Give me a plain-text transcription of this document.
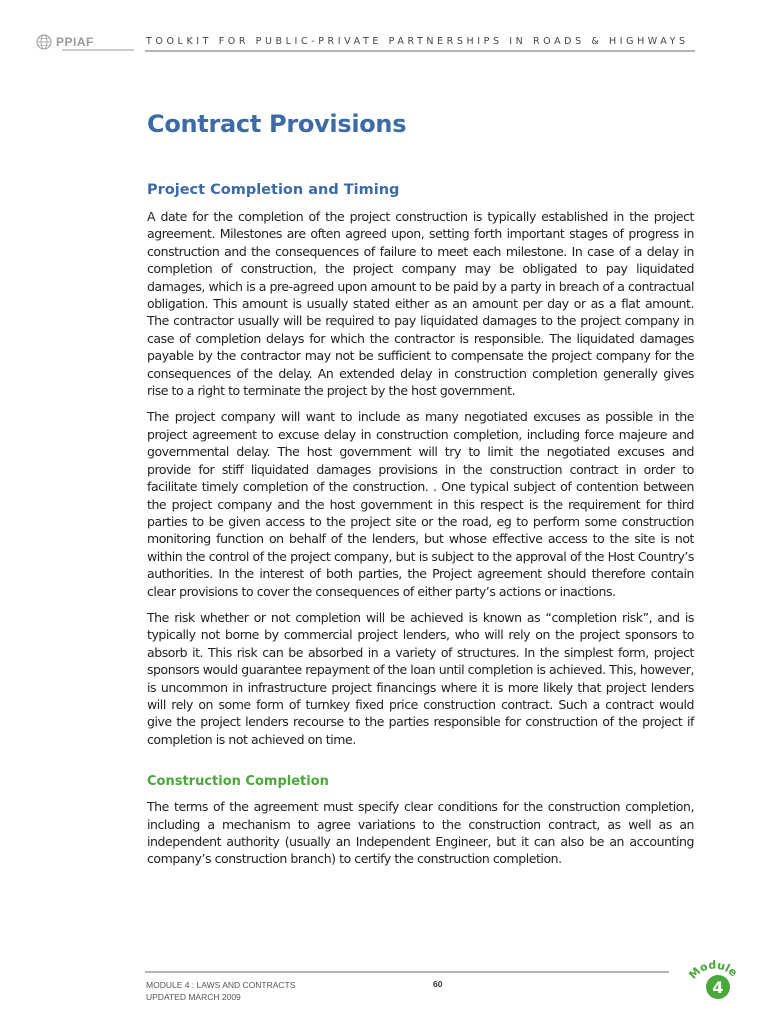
PPIAF	TOOLKIT FOR PUBLIC-PRIVATE PARTNERSHIPS IN ROADS & HIGHWAYS
Contract Provisions
Project Completion and Timing

A date for the completion of the project construction is typically established in the project agreement. Milestones are often agreed upon, setting forth important stages of progress in construction and the consequences of failure to meet each milestone. In case of a delay in completion of construction, the project company may be obligated to pay liquidated damages, which is a pre-agreed upon amount to be paid by a party in breach of a contractual obligation. This amount is usually stated either as an amount per day or as a flat amount. The contractor usually will be required to pay liquidated damages to the project company in case of completion delays for which the contractor is responsible. The liquidated damages payable by the contractor may not be sufficient to compensate the project company for the consequences of the delay. An extended delay in construction completion generally gives rise to a right to terminate the project by the host government.

The project company will want to include as many negotiated excuses as possible in the project agreement to excuse delay in construction completion, including force majeure and governmental delay. The host government will try to limit the negotiated excuses and provide for stiff liquidated damages provisions in the construction contract in order to facilitate timely completion of the construction. . One typical subject of contention between the project company and the host government in this respect is the requirement for third parties to be given access to the project site or the road, eg to perform some construction monitoring function on behalf of the lenders, but whose effective access to the site is not within the control of the project company, but is subject to the approval of the Host Country’s authorities. In the interest of both parties, the Project agreement should therefore contain clear provisions to cover the consequences of either party’s actions or inactions.

The risk whether or not completion will be achieved is known as “completion risk”, and is typically not borne by commercial project lenders, who will rely on the project sponsors to absorb it. This risk can be absorbed in a variety of structures. In the simplest form, project sponsors would guarantee repayment of the loan until completion is achieved. This, however, is uncommon in infrastructure project financings where it is more likely that project lenders will rely on some form of turnkey fixed price construction contract. Such a contract would give the project lenders recourse to the parties responsible for construction of the project if completion is not achieved on time.

Construction Completion

The terms of the agreement must specify clear conditions for the construction completion, including a mechanism to agree variations to the construction contract, as well as an independent authority (usually an Independent Engineer, but it can also be an accounting company’s construction branch) to certify the construction completion.

MODULE 4 : LAWS AND CONTRACTS
UPDATED MARCH 2009
60
Module
4
